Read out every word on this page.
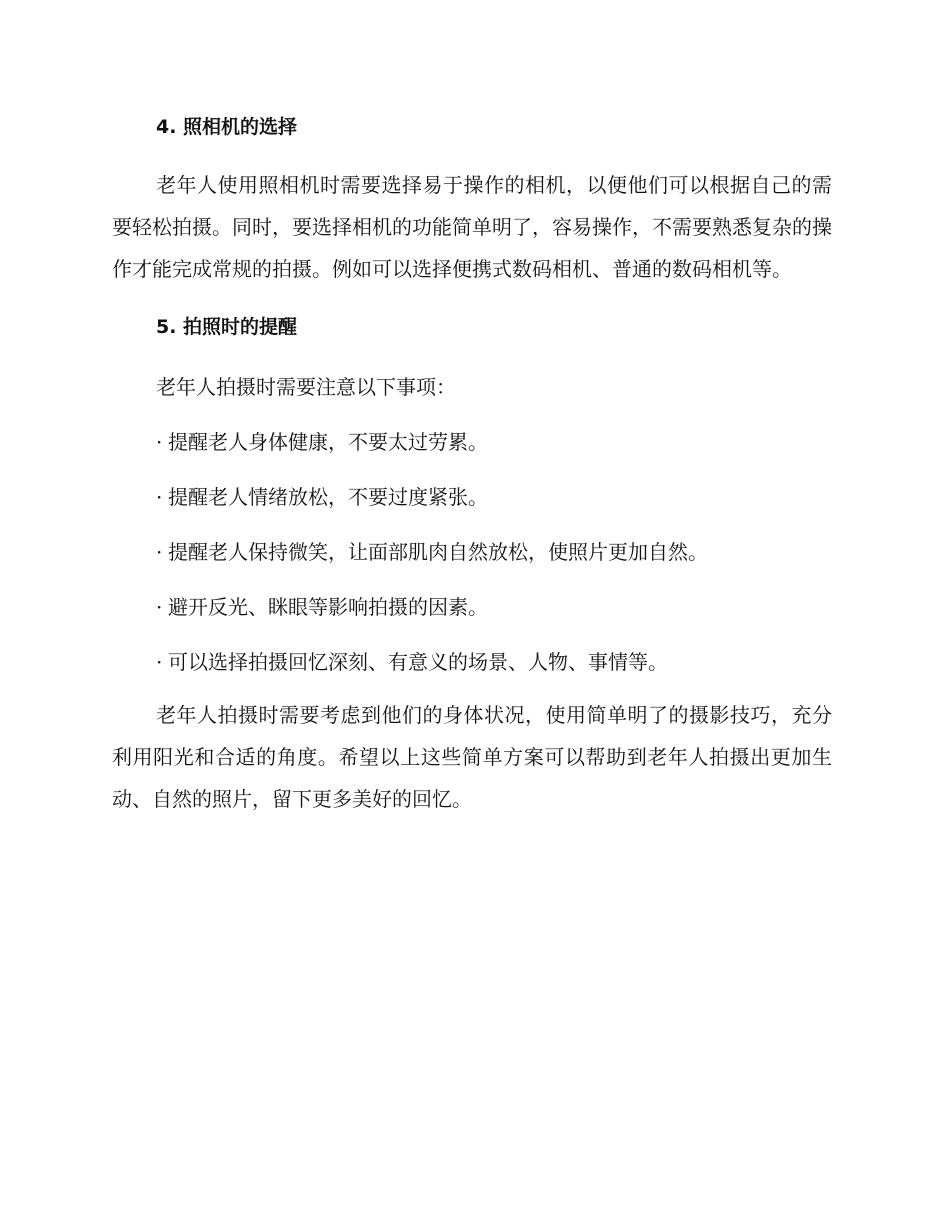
4. 照相机的选择

老年人使用照相机时需要选择易于操作的相机，以便他们可以根据自己的需要轻松拍摄。同时，要选择相机的功能简单明了，容易操作，不需要熟悉复杂的操作才能完成常规的拍摄。例如可以选择便携式数码相机、普通的数码相机等。

5. 拍照时的提醒

老年人拍摄时需要注意以下事项：

· 提醒老人身体健康，不要太过劳累。
· 提醒老人情绪放松，不要过度紧张。
· 提醒老人保持微笑，让面部肌肉自然放松，使照片更加自然。
· 避开反光、眯眼等影响拍摄的因素。
· 可以选择拍摄回忆深刻、有意义的场景、人物、事情等。

老年人拍摄时需要考虑到他们的身体状况，使用简单明了的摄影技巧，充分利用阳光和合适的角度。希望以上这些简单方案可以帮助到老年人拍摄出更加生动、自然的照片，留下更多美好的回忆。
